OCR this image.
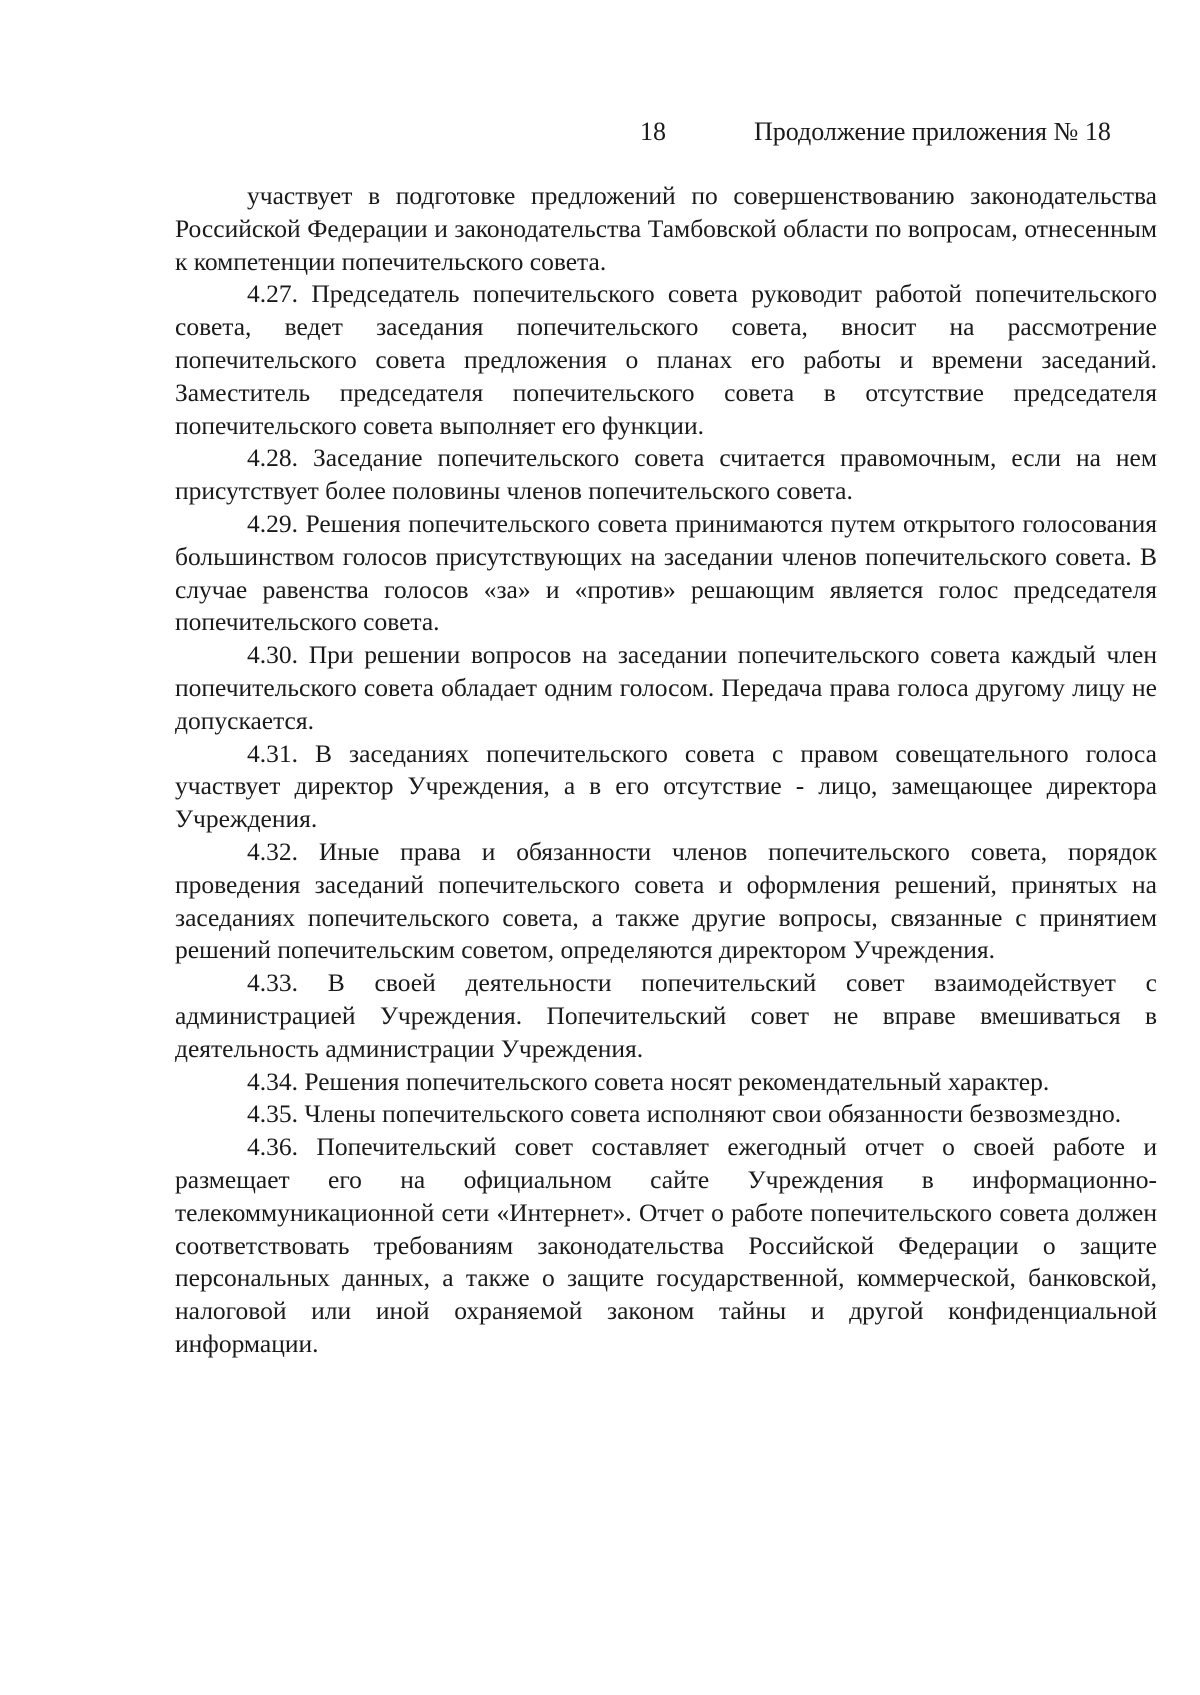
18	Продолжение приложения № 18

участвует в подготовке предложений по совершенствованию законодательства Российской Федерации и законодательства Тамбовской области по вопросам, отнесенным к компетенции попечительского совета.

4.27. Председатель попечительского совета руководит работой попечительского совета, ведет заседания попечительского совета, вносит на рассмотрение попечительского совета предложения о планах его работы и времени заседаний. Заместитель председателя попечительского совета в отсутствие председателя попечительского совета выполняет его функции.

4.28. Заседание попечительского совета считается правомочным, если на нем присутствует более половины членов попечительского совета.

4.29. Решения попечительского совета принимаются путем открытого голосования большинством голосов присутствующих на заседании членов попечительского совета. В случае равенства голосов «за» и «против» решающим является голос председателя попечительского совета.

4.30. При решении вопросов на заседании попечительского совета каждый член попечительского совета обладает одним голосом. Передача права голоса другому лицу не допускается.

4.31. В заседаниях попечительского совета с правом совещательного голоса участвует директор Учреждения, а в его отсутствие - лицо, замещающее директора Учреждения.

4.32. Иные права и обязанности членов попечительского совета, порядок проведения заседаний попечительского совета и оформления решений, принятых на заседаниях попечительского совета, а также другие вопросы, связанные с принятием решений попечительским советом, определяются директором Учреждения.

4.33. В своей деятельности попечительский совет взаимодействует с администрацией Учреждения. Попечительский совет не вправе вмешиваться в деятельность администрации Учреждения.

4.34. Решения попечительского совета носят рекомендательный характер.

4.35. Члены попечительского совета исполняют свои обязанности безвозмездно.

4.36. Попечительский совет составляет ежегодный отчет о своей работе и размещает его на официальном сайте Учреждения в информационно-телекоммуникационной сети «Интернет». Отчет о работе попечительского совета должен соответствовать требованиям законодательства Российской Федерации о защите персональных данных, а также о защите государственной, коммерческой, банковской, налоговой или иной охраняемой законом тайны и другой конфиденциальной информации.
